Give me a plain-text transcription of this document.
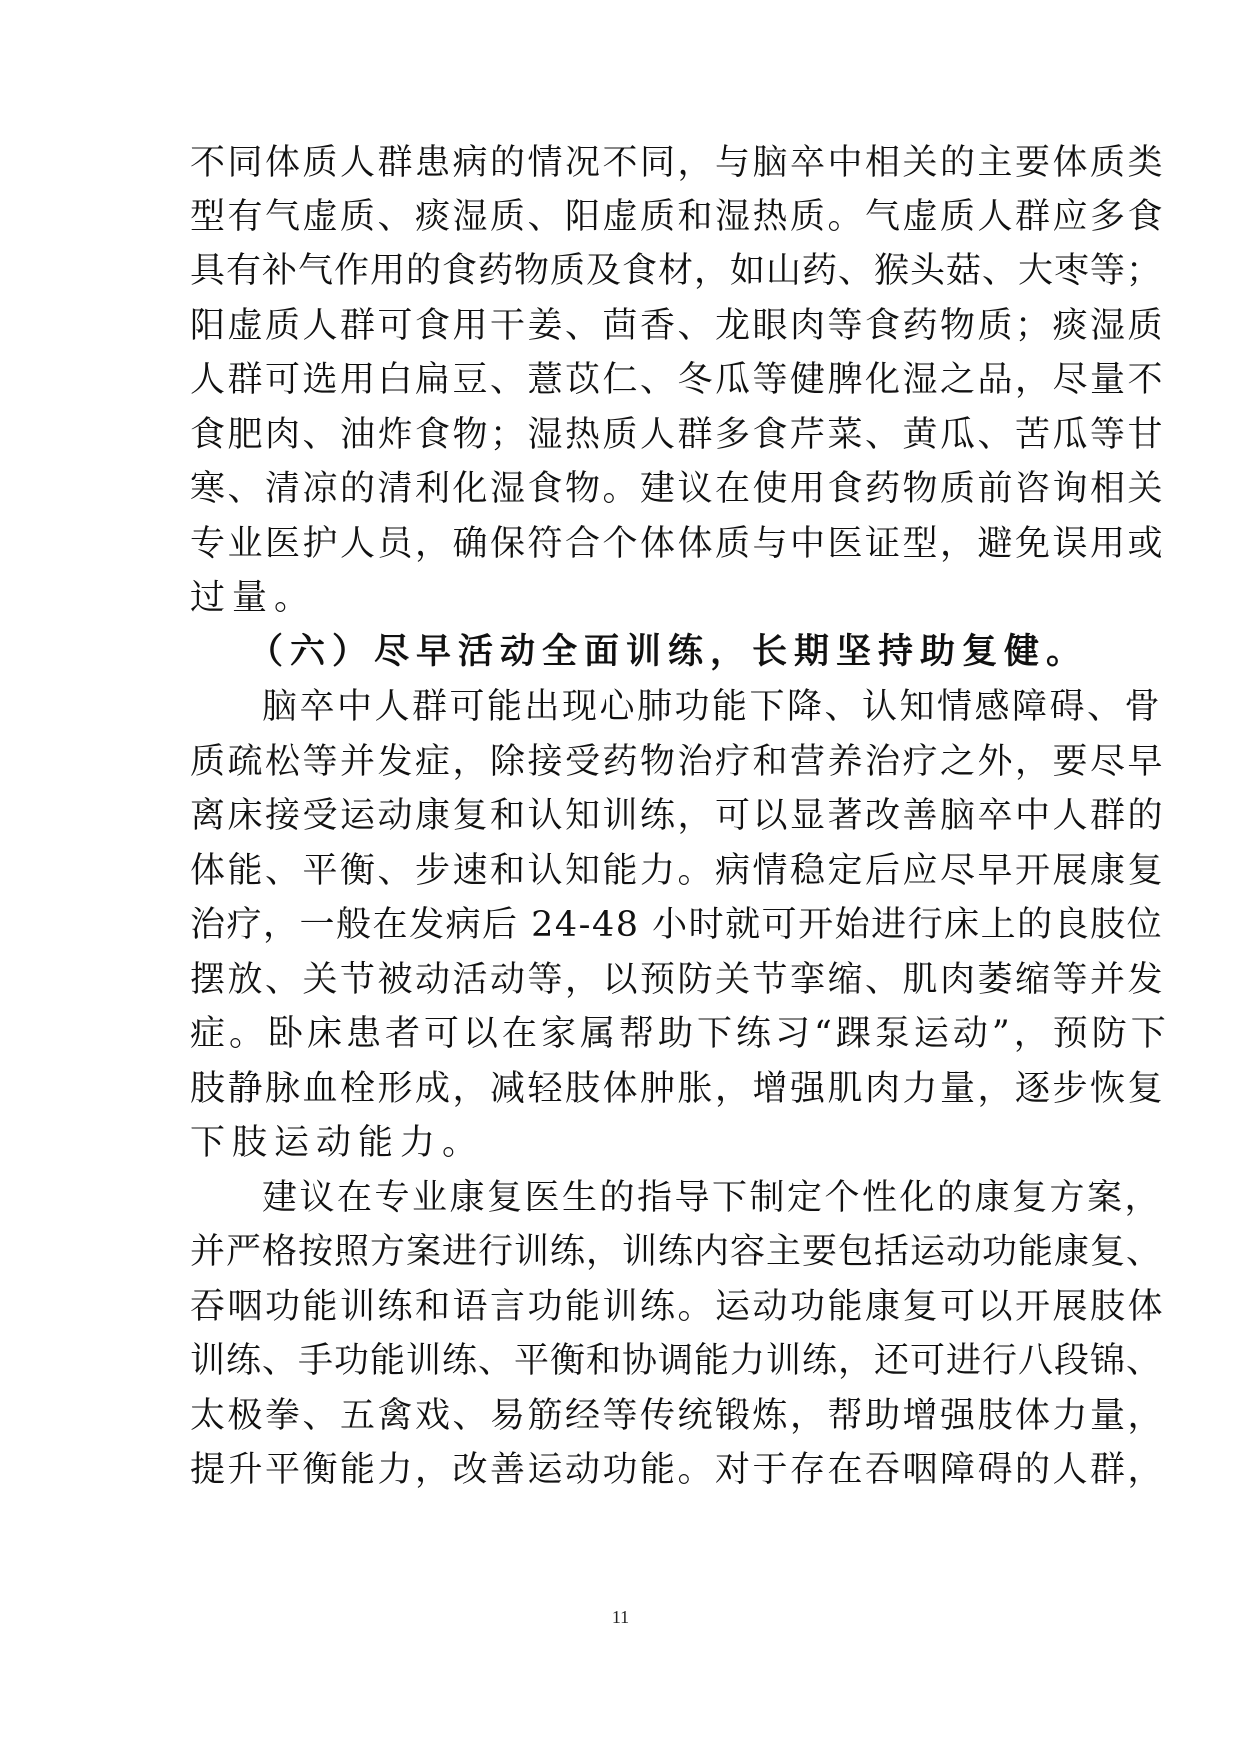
不同体质人群患病的情况不同，与脑卒中相关的主要体质类
型有气虚质、痰湿质、阳虚质和湿热质。气虚质人群应多食
具有补气作用的食药物质及食材，如山药、猴头菇、大枣等；
阳虚质人群可食用干姜、茴香、龙眼肉等食药物质；痰湿质
人群可选用白扁豆、薏苡仁、冬瓜等健脾化湿之品，尽量不
食肥肉、油炸食物；湿热质人群多食芹菜、黄瓜、苦瓜等甘
寒、清凉的清利化湿食物。建议在使用食药物质前咨询相关
专业医护人员，确保符合个体体质与中医证型，避免误用或
过量。
（六）尽早活动全面训练，长期坚持助复健。
脑卒中人群可能出现心肺功能下降、认知情感障碍、骨
质疏松等并发症，除接受药物治疗和营养治疗之外，要尽早
离床接受运动康复和认知训练，可以显著改善脑卒中人群的
体能、平衡、步速和认知能力。病情稳定后应尽早开展康复
治疗，一般在发病后 24-48 小时就可开始进行床上的良肢位
摆放、关节被动活动等，以预防关节挛缩、肌肉萎缩等并发
症。卧床患者可以在家属帮助下练习“踝泵运动”，预防下
肢静脉血栓形成，减轻肢体肿胀，增强肌肉力量，逐步恢复
下肢运动能力。
建议在专业康复医生的指导下制定个性化的康复方案，
并严格按照方案进行训练，训练内容主要包括运动功能康复、
吞咽功能训练和语言功能训练。运动功能康复可以开展肢体
训练、手功能训练、平衡和协调能力训练，还可进行八段锦、
太极拳、五禽戏、易筋经等传统锻炼，帮助增强肢体力量，
提升平衡能力，改善运动功能。对于存在吞咽障碍的人群，
11
